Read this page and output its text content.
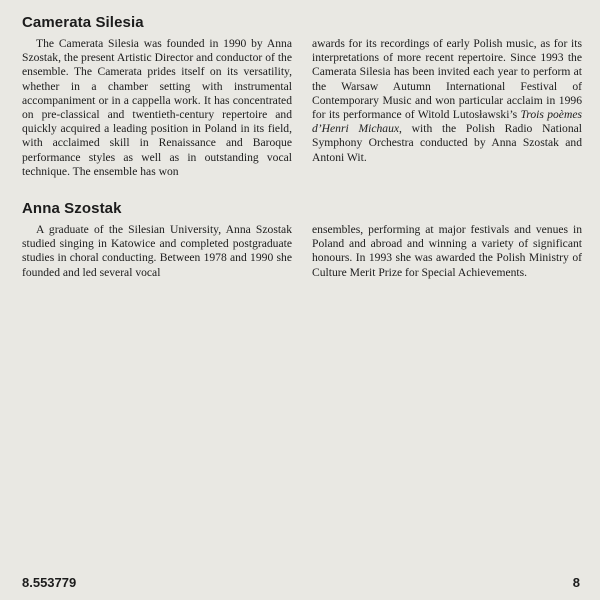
Camerata Silesia

The Camerata Silesia was founded in 1990 by Anna Szostak, the present Artistic Director and conductor of the ensemble. The Camerata prides itself on its versatility, whether in a chamber setting with instrumental accompaniment or in a cappella work. It has concentrated on pre-classical and twentieth-century repertoire and quickly acquired a leading position in Poland in its field, with acclaimed skill in Renaissance and Baroque performance styles as well as in outstanding vocal technique. The ensemble has won

awards for its recordings of early Polish music, as for its interpretations of more recent repertoire. Since 1993 the Camerata Silesia has been invited each year to perform at the Warsaw Autumn International Festival of Contemporary Music and won particular acclaim in 1996 for its performance of Witold Lutosławski’s Trois poèmes d’Henri Michaux, with the Polish Radio National Symphony Orchestra conducted by Anna Szostak and Antoni Wit.

Anna Szostak

A graduate of the Silesian University, Anna Szostak studied singing in Katowice and completed postgraduate studies in choral conducting. Between 1978 and 1990 she founded and led several vocal

ensembles, performing at major festivals and venues in Poland and abroad and winning a variety of significant honours. In 1993 she was awarded the Polish Ministry of Culture Merit Prize for Special Achievements.

8.553779	8
